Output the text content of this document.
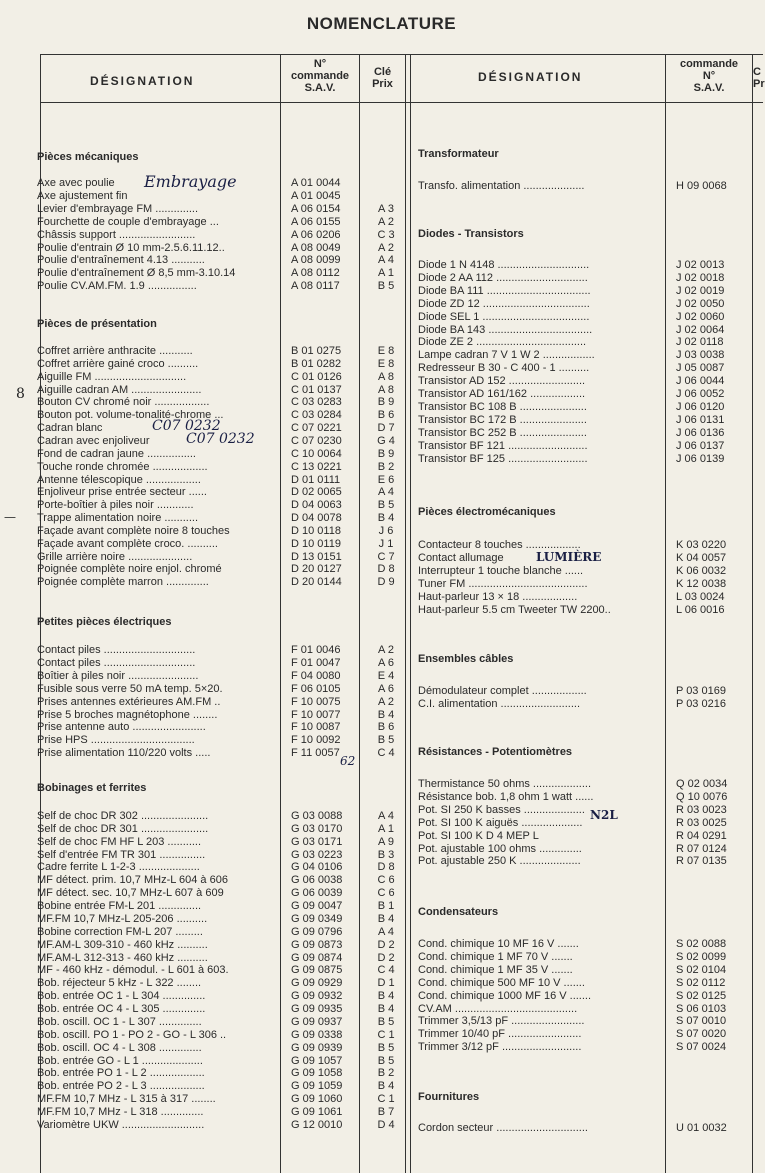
NOMENCLATURE
DÉSIGNATION
N°
commande
S.A.V.
Clé
Prix	DÉSIGNATION
commande
N°
S.A.V.
C
Pr
8
—
Embrayage
C07 0232
C07 0232
62
LUMIÈRE
N2L
Pièces mécaniques
Axe avec poulie	A 01 0044
Axe ajustement fin	A 01 0045
Levier d'embrayage FM ..............	A 06 0154	A 3
Fourchette de couple d'embrayage ...	A 06 0155	A 2
Châssis support .........................	A 06 0206	C 3
Poulie d'entrain Ø 10 mm-2.5.6.11.12..	A 08 0049	A 2
Poulie d'entraînement 4.13 ...........	A 08 0099	A 4
Poulie d'entraînement Ø 8,5 mm-3.10.14	A 08 0112	A 1
Poulie CV.AM.FM. 1.9 ................	A 08 0117	B 5
Pièces de présentation
Coffret arrière anthracite ...........	B 01 0275	E 8
Coffret arrière gainé croco ..........	B 01 0282	E 8
Aiguille FM ..............................	C 01 0126	A 8
Aiguille cadran AM .......................	C 01 0137	A 8
Bouton CV chromé noir ..................	C 03 0283	B 9
Bouton pot. volume-tonalité-chrome ...	C 03 0284	B 6
Cadran blanc	C 07 0221	D 7
Cadran avec enjoliveur	C 07 0230	G 4
Fond de cadran jaune ................	C 10 0064	B 9
Touche ronde chromée ..................	C 13 0221	B 2
Antenne télescopique ..................	D 01 0111	E 6
Enjoliveur prise entrée secteur ......	D 02 0065	A 4
Porte-boîtier à piles noir ............	D 04 0063	B 5
Trappe alimentation noire ...........	D 04 0078	B 4
Façade avant complète noire 8 touches	D 10 0118	J 6
Façade avant complète croco. ..........	D 10 0119	J 1
Grille arrière noire .....................	D 13 0151	C 7
Poignée complète noire enjol. chromé	D 20 0127	D 8
Poignée complète marron ..............	D 20 0144	D 9
Petites pièces électriques
Contact piles ..............................	F 01 0046	A 2
Contact piles ..............................	F 01 0047	A 6
Boîtier à piles noir .......................	F 04 0080	E 4
Fusible sous verre 50 mA temp. 5×20.	F 06 0105	A 6
Prises antennes extérieures AM.FM ..	F 10 0075	A 2
Prise 5 broches magnétophone ........	F 10 0077	B 4
Prise antenne auto ........................	F 10 0087	B 6
Prise HPS ..................................	F 10 0092	B 5
Prise alimentation 110/220 volts .....	F 11 0057	C 4
Bobinages et ferrites
Self de choc DR 302 ......................	G 03 0088	A 4
Self de choc DR 301 ......................	G 03 0170	A 1
Self de choc FM HF L 203 ...........	G 03 0171	A 9
Self d'entrée FM TR 301 ...............	G 03 0223	B 3
Cadre ferrite L 1-2-3 ....................	G 04 0106	D 8
MF détect. prim. 10,7 MHz-L 604 à 606	G 06 0038	C 6
MF détect. sec. 10,7 MHz-L 607 à 609	G 06 0039	C 6
Bobine entrée FM-L 201 ..............	G 09 0047	B 1
MF.FM 10,7 MHz-L 205-206 ..........	G 09 0349	B 4
Bobine correction FM-L 207 .........	G 09 0796	A 4
MF.AM-L 309-310 - 460 kHz ..........	G 09 0873	D 2
MF.AM-L 312-313 - 460 kHz ..........	G 09 0874	D 2
MF - 460 kHz - démodul. - L 601 à 603.	G 09 0875	C 4
Bob. réjecteur 5 kHz - L 322 ........	G 09 0929	D 1
Bob. entrée OC 1 - L 304 ..............	G 09 0932	B 4
Bob. entrée OC 4 - L 305 ..............	G 09 0935	B 4
Bob. oscill. OC 1 - L 307 ..............	G 09 0937	B 5
Bob. oscill. PO 1 - PO 2 - GO - L 306 ..	G 09 0338	C 1
Bob. oscill. OC 4 - L 308 ..............	G 09 0939	B 5
Bob. entrée GO - L 1 ....................	G 09 1057	B 5
Bob. entrée PO 1 - L 2 ..................	G 09 1058	B 2
Bob. entrée PO 2 - L 3 ..................	G 09 1059	B 4
MF.FM 10,7 MHz - L 315 à 317 ........	G 09 1060	C 1
MF.FM 10,7 MHz - L 318 ..............	G 09 1061	B 7
Variomètre UKW ...........................	G 12 0010	D 4
Transformateur
Transfo. alimentation ....................	H 09 0068
Diodes - Transistors
Diode 1 N 4148 ..............................	J 02 0013
Diode 2 AA 112 ..............................	J 02 0018
Diode BA 111 ..................................	J 02 0019
Diode ZD 12 ...................................	J 02 0050
Diode SEL 1 ...................................	J 02 0060
Diode BA 143 ..................................	J 02 0064
Diode ZE 2 ....................................	J 02 0118
Lampe cadran 7 V 1 W 2 .................	J 03 0038
Redresseur B 30 - C 400 - 1 ..........	J 05 0087
Transistor AD 152 .........................	J 06 0044
Transistor AD 161/162 ..................	J 06 0052
Transistor BC 108 B ......................	J 06 0120
Transistor BC 172 B ......................	J 06 0131
Transistor BC 252 B ......................	J 06 0136
Transistor BF 121 ..........................	J 06 0137
Transistor BF 125 ..........................	J 06 0139
Pièces électromécaniques
Contacteur 8 touches ..................	K 03 0220
Contact allumage	K 04 0057
Interrupteur 1 touche blanche ......	K 06 0032
Tuner FM .......................................	K 12 0038
Haut-parleur 13 × 18 ..................	L 03 0024
Haut-parleur 5.5 cm Tweeter TW 2200..	L 06 0016
Ensembles câbles
Démodulateur complet ..................	P 03 0169
C.I. alimentation ..........................	P 03 0216
Résistances - Potentiomètres
Thermistance 50 ohms ...................	Q 02 0034
Résistance bob. 1,8 ohm 1 watt ......	Q 10 0076
Pot. SI 250 K basses ....................	R 03 0023
Pot. SI 100 K aiguës ....................	R 03 0025
Pot. SI 100 K D 4 MEP L	R 04 0291
Pot. ajustable 100 ohms ..............	R 07 0124
Pot. ajustable 250 K ....................	R 07 0135
Condensateurs
Cond. chimique 10 MF 16 V .......	S 02 0088
Cond. chimique 1 MF 70 V .......	S 02 0099
Cond. chimique 1 MF 35 V .......	S 02 0104
Cond. chimique 500 MF 10 V .......	S 02 0112
Cond. chimique 1000 MF 16 V .......	S 02 0125
CV.AM ........................................	S 06 0103
Trimmer 3,5/13 pF ........................	S 07 0010
Trimmer 10/40 pF ........................	S 07 0020
Trimmer 3/12 pF ..........................	S 07 0024
Fournitures
Cordon secteur ..............................	U 01 0032
